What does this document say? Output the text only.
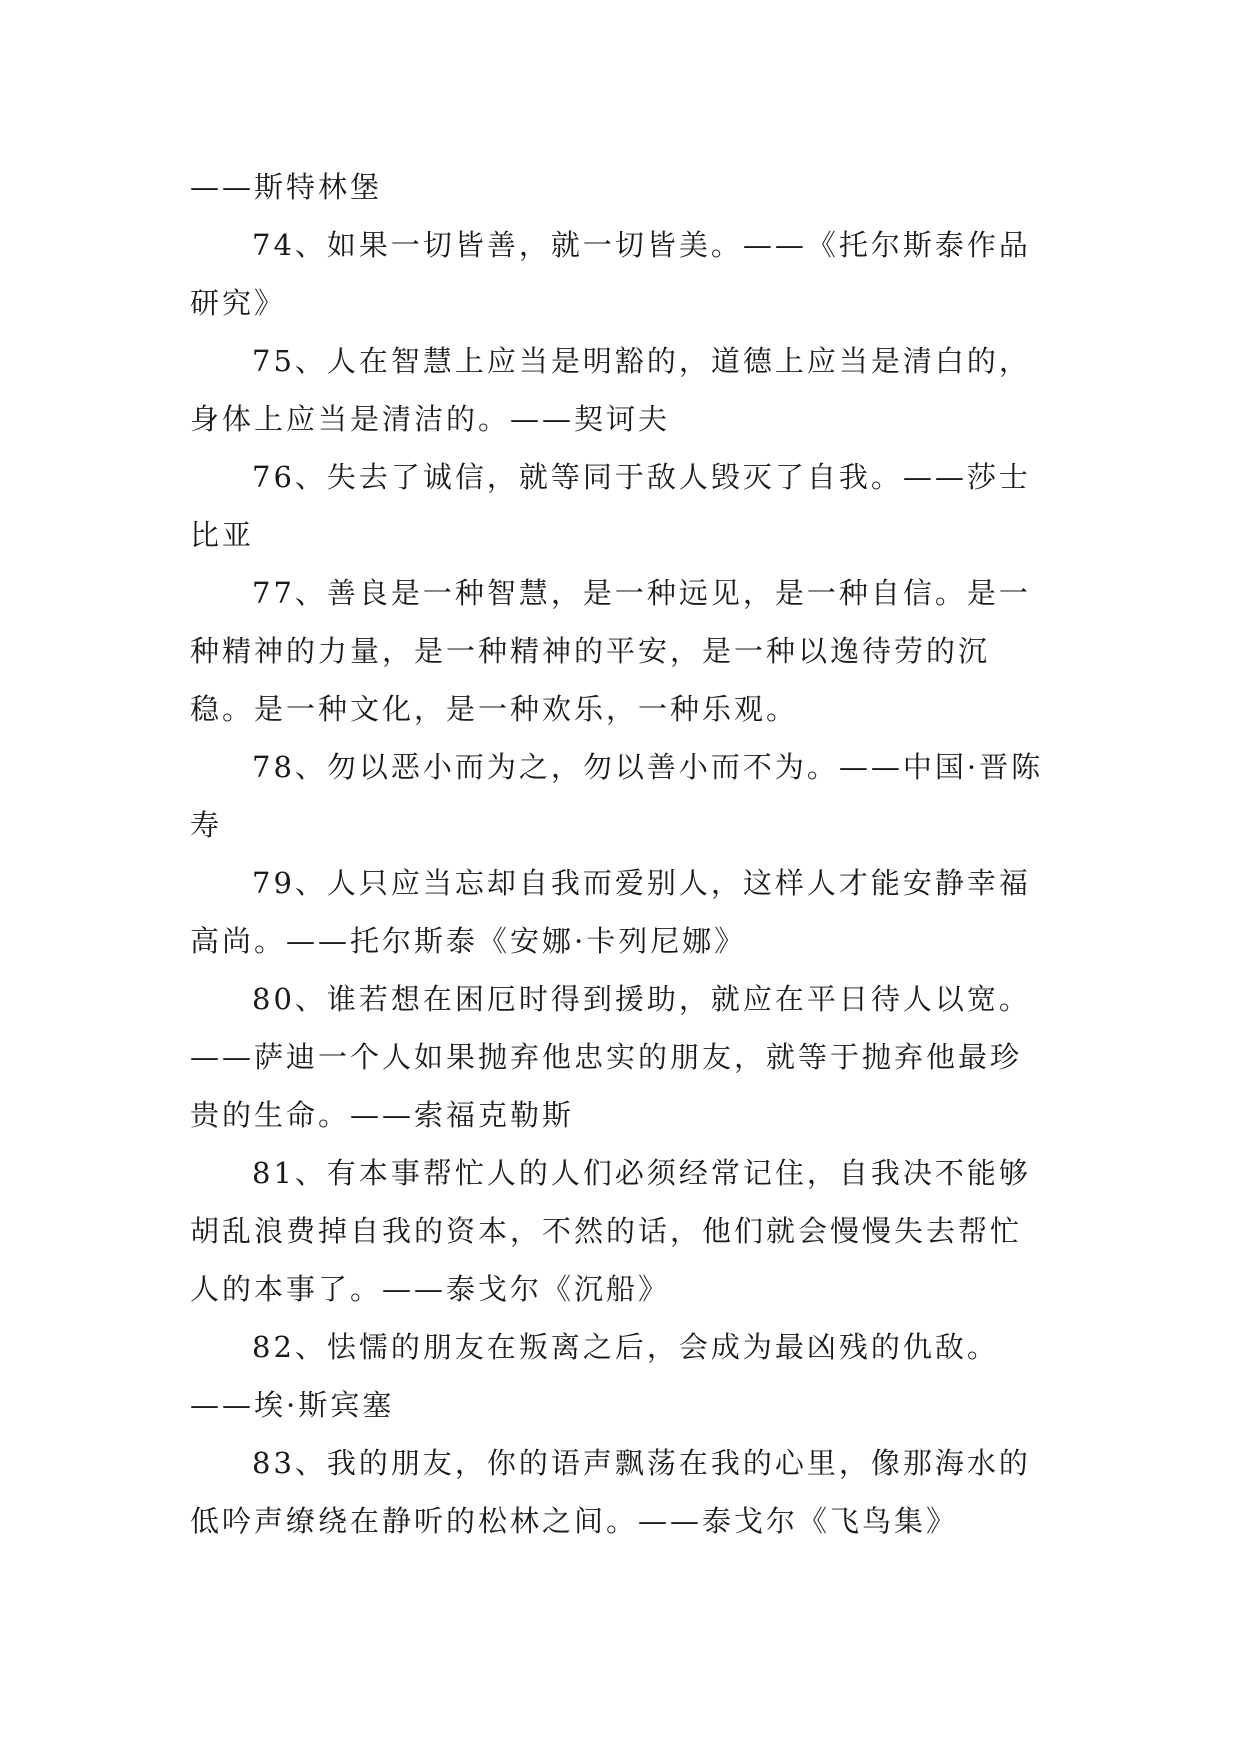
——斯特林堡

74、如果一切皆善，就一切皆美。——《托尔斯泰作品研究》

75、人在智慧上应当是明豁的，道德上应当是清白的，身体上应当是清洁的。——契诃夫

76、失去了诚信，就等同于敌人毁灭了自我。——莎士比亚

77、善良是一种智慧，是一种远见，是一种自信。是一种精神的力量，是一种精神的平安，是一种以逸待劳的沉稳。是一种文化，是一种欢乐，一种乐观。

78、勿以恶小而为之，勿以善小而不为。——中国·晋陈寿

79、人只应当忘却自我而爱别人，这样人才能安静幸福高尚。——托尔斯泰《安娜·卡列尼娜》

80、谁若想在困厄时得到援助，就应在平日待人以宽。——萨迪一个人如果抛弃他忠实的朋友，就等于抛弃他最珍贵的生命。——索福克勒斯

81、有本事帮忙人的人们必须经常记住，自我决不能够胡乱浪费掉自我的资本，不然的话，他们就会慢慢失去帮忙人的本事了。——泰戈尔《沉船》

82、怯懦的朋友在叛离之后，会成为最凶残的仇敌。——埃·斯宾塞

83、我的朋友，你的语声飘荡在我的心里，像那海水的低吟声缭绕在静听的松林之间。——泰戈尔《飞鸟集》
